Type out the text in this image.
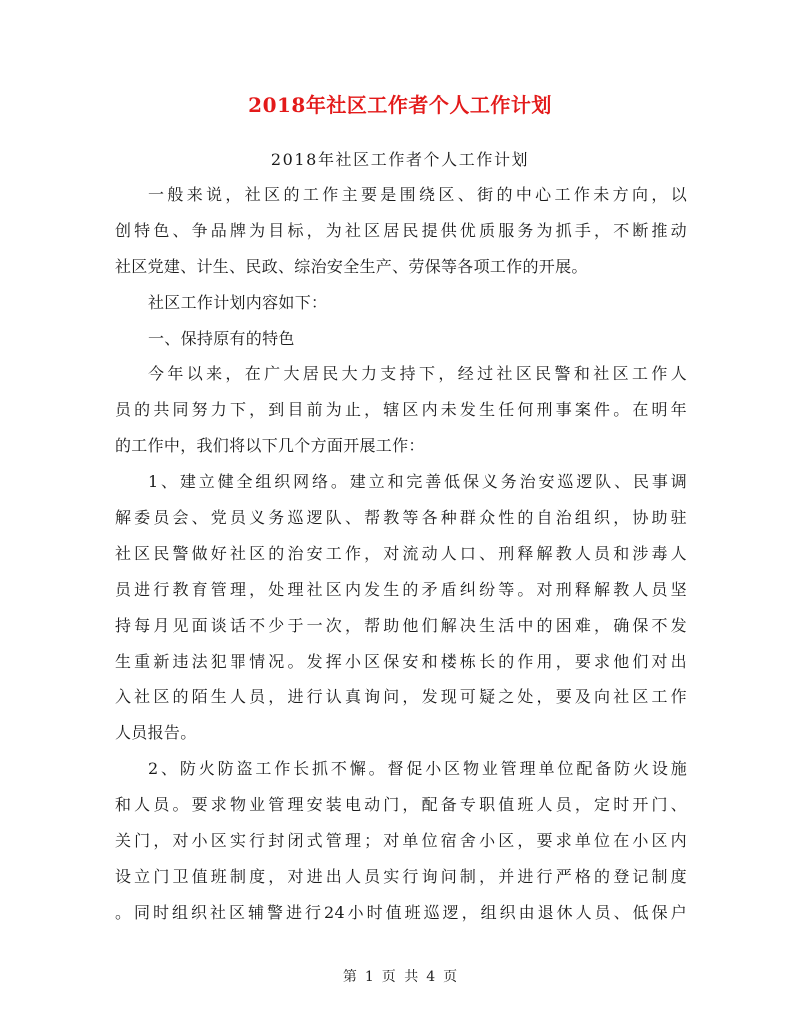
2018年社区工作者个人工作计划
2018年社区工作者个人工作计划
一般来说，社区的工作主要是围绕区、街的中心工作未方向，以
创特色、争品牌为目标，为社区居民提供优质服务为抓手，不断推动
社区党建、计生、民政、综治安全生产、劳保等各项工作的开展。
社区工作计划内容如下：
一、保持原有的特色
今年以来，在广大居民大力支持下，经过社区民警和社区工作人
员的共同努力下，到目前为止，辖区内未发生任何刑事案件。在明年
的工作中，我们将以下几个方面开展工作：
1、建立健全组织网络。建立和完善低保义务治安巡逻队、民事调
解委员会、党员义务巡逻队、帮教等各种群众性的自治组织，协助驻
社区民警做好社区的治安工作，对流动人口、刑释解教人员和涉毒人
员进行教育管理，处理社区内发生的矛盾纠纷等。对刑释解教人员坚
持每月见面谈话不少于一次，帮助他们解决生活中的困难，确保不发
生重新违法犯罪情况。发挥小区保安和楼栋长的作用，要求他们对出
入社区的陌生人员，进行认真询问，发现可疑之处，要及向社区工作
人员报告。
2、防火防盗工作长抓不懈。督促小区物业管理单位配备防火设施
和人员。要求物业管理安装电动门，配备专职值班人员，定时开门、
关门，对小区实行封闭式管理；对单位宿舍小区，要求单位在小区内
设立门卫值班制度，对进出人员实行询问制，并进行严格的登记制度
。同时组织社区辅警进行24小时值班巡逻，组织由退休人员、低保户
第 1 页 共 4 页
